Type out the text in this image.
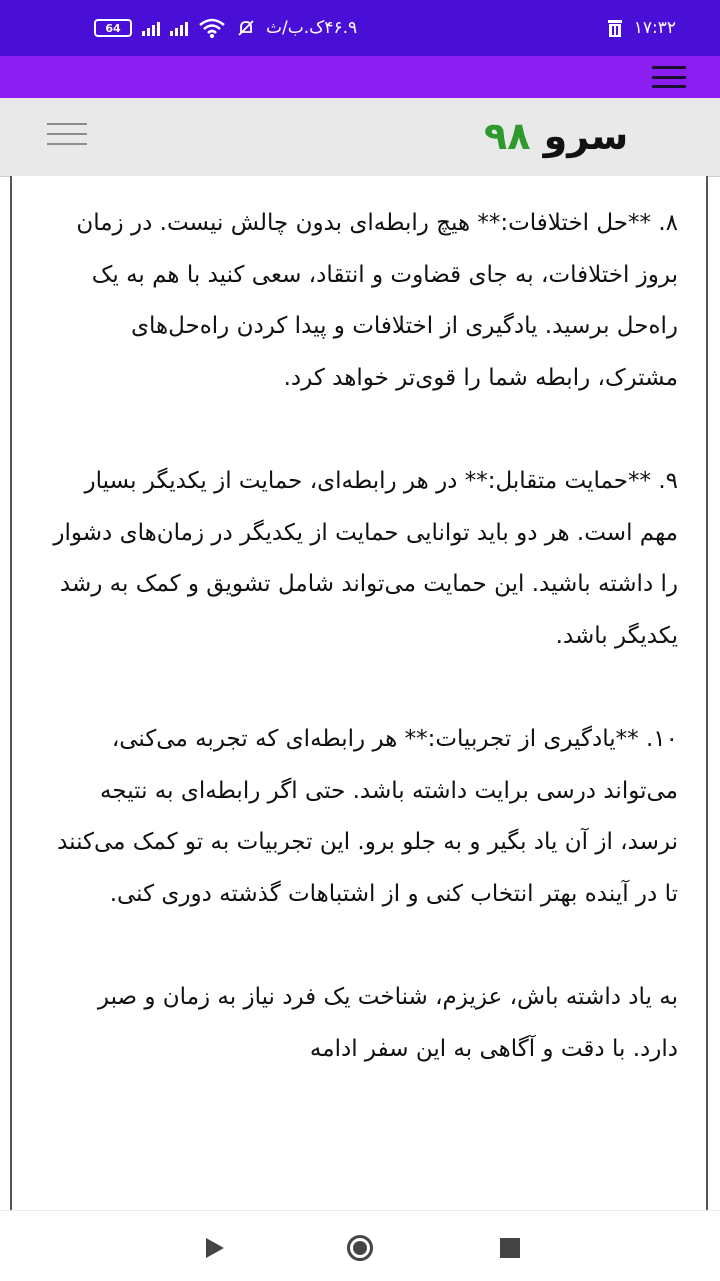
64	۴۶.۹ک.ب/ث	۱۷:۳۲
سرو ۹۸

۸. **حل اختلافات:** هیچ رابطه‌ای بدون چالش نیست. در زمان بروز اختلافات، به جای قضاوت و انتقاد، سعی کنید با هم به یک راه‌حل برسید. یادگیری از اختلافات و پیدا کردن راه‌حل‌های مشترک، رابطه شما را قوی‌تر خواهد کرد.

۹. **حمایت متقابل:** در هر رابطه‌ای، حمایت از یکدیگر بسیار مهم است. هر دو باید توانایی حمایت از یکدیگر در زمان‌های دشوار را داشته باشید. این حمایت می‌تواند شامل تشویق و کمک به رشد یکدیگر باشد.

۱۰. **یادگیری از تجربیات:** هر رابطه‌ای که تجربه می‌کنی، می‌تواند درسی برایت داشته باشد. حتی اگر رابطه‌ای به نتیجه نرسد، از آن یاد بگیر و به جلو برو. این تجربیات به تو کمک می‌کنند تا در آینده بهتر انتخاب کنی و از اشتباهات گذشته دوری کنی.

به یاد داشته باش، عزیزم، شناخت یک فرد نیاز به زمان و صبر دارد. با دقت و آگاهی به این سفر ادامه
